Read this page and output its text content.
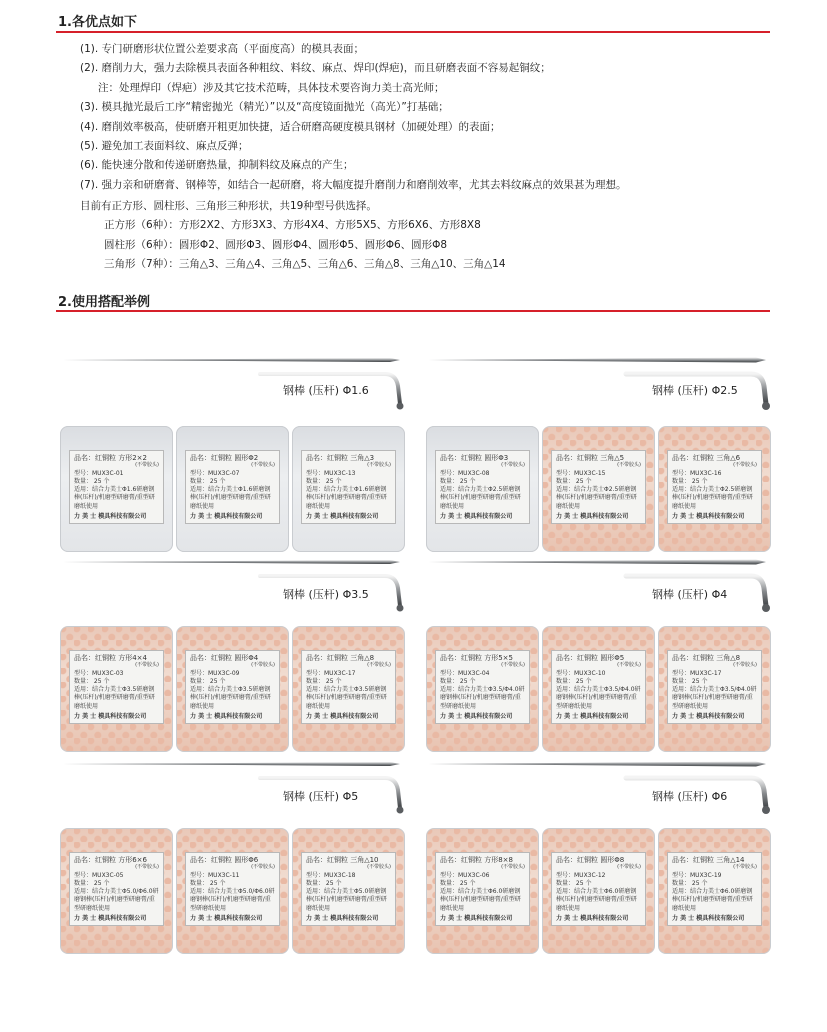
1.各优点如下
(1). 专门研磨形状位置公差要求高（平面度高）的模具表面；
(2). 磨削力大，强力去除模具表面各种粗纹、料纹、麻点、焊印(焊疤)，而且研磨表面不容易起铜纹；
注：处理焊印（焊疤）涉及其它技术范畴，具体技术要咨询力美士高光师；
(3). 模具抛光最后工序“精密抛光（精光）”以及“高度镜面抛光（高光）”打基础；
(4). 磨削效率极高，使研磨开粗更加快捷，适合研磨高硬度模具钢材（加硬处理）的表面；
(5). 避免加工表面料纹、麻点反弹；
(6). 能快速分散和传递研磨热量，抑制料纹及麻点的产生；
(7). 强力亲和研磨膏、钢棒等，如结合一起研磨，将大幅度提升磨削力和磨削效率，尤其去料纹麻点的效果甚为理想。
目前有正方形、圆柱形、三角形三种形状，共19种型号供选择。
正方形（6种）：方形2X2、方形3X3、方形4X4、方形5X5、方形6X6、方形8X8
圆柱形（6种）：圆形Φ2、圆形Φ3、圆形Φ4、圆形Φ5、圆形Φ6、圆形Φ8
三角形（7种）：三角△3、三角△4、三角△5、三角△6、三角△8、三角△10、三角△14
2.使用搭配举例
钢棒 (压杆) Φ1.6
品名：红铜粒 方形2×2
(不带胶头)
型号：MUX3C-01
数量： 25 个
适用：结合力美士Φ1.6研磨钢棒(压杆)/机磨型研磨膏/重型研磨纸使用
力 美 士 模具科技有限公司
品名：红铜粒 圆形Φ2
(不带胶头)
型号：MUX3C-07
数量： 25 个
适用：结合力美士Φ1.6研磨钢棒(压杆)/机磨型研磨膏/重型研磨纸使用
力 美 士 模具科技有限公司
品名：红铜粒 三角△3
(不带胶头)
型号：MUX3C-13
数量： 25 个
适用：结合力美士Φ1.6研磨钢棒(压杆)/机磨型研磨膏/重型研磨纸使用
力 美 士 模具科技有限公司
钢棒 (压杆) Φ2.5
品名：红铜粒 圆形Φ3
(不带胶头)
型号：MUX3C-08
数量： 25 个
适用：结合力美士Φ2.5研磨钢棒(压杆)/机磨型研磨膏/重型研磨纸使用
力 美 士 模具科技有限公司
品名：红铜粒 三角△5
(不带胶头)
型号：MUX3C-15
数量： 25 个
适用：结合力美士Φ2.5研磨钢棒(压杆)/机磨型研磨膏/重型研磨纸使用
力 美 士 模具科技有限公司
品名：红铜粒 三角△6
(不带胶头)
型号：MUX3C-16
数量： 25 个
适用：结合力美士Φ2.5研磨钢棒(压杆)/机磨型研磨膏/重型研磨纸使用
力 美 士 模具科技有限公司
钢棒 (压杆) Φ3.5
品名：红铜粒 方形4×4
(不带胶头)
型号：MUX3C-03
数量： 25 个
适用：结合力美士Φ3.5研磨钢棒(压杆)/机磨型研磨膏/重型研磨纸使用
力 美 士 模具科技有限公司
品名：红铜粒 圆形Φ4
(不带胶头)
型号：MUX3C-09
数量： 25 个
适用：结合力美士Φ3.5研磨钢棒(压杆)/机磨型研磨膏/重型研磨纸使用
力 美 士 模具科技有限公司
品名：红铜粒 三角△8
(不带胶头)
型号：MUX3C-17
数量： 25 个
适用：结合力美士Φ3.5研磨钢棒(压杆)/机磨型研磨膏/重型研磨纸使用
力 美 士 模具科技有限公司
钢棒 (压杆) Φ4
品名：红铜粒 方形5×5
(不带胶头)
型号：MUX3C-04
数量： 25 个
适用：结合力美士Φ3.5/Φ4.0研磨钢棒(压杆)/机磨型研磨膏/重型研磨纸使用
力 美 士 模具科技有限公司
品名：红铜粒 圆形Φ5
(不带胶头)
型号：MUX3C-10
数量： 25 个
适用：结合力美士Φ3.5/Φ4.0研磨钢棒(压杆)/机磨型研磨膏/重型研磨纸使用
力 美 士 模具科技有限公司
品名：红铜粒 三角△8
(不带胶头)
型号：MUX3C-17
数量： 25 个
适用：结合力美士Φ3.5/Φ4.0研磨钢棒(压杆)/机磨型研磨膏/重型研磨纸使用
力 美 士 模具科技有限公司
钢棒 (压杆) Φ5
品名：红铜粒 方形6×6
(不带胶头)
型号：MUX3C-05
数量： 25 个
适用：结合力美士Φ5.0/Φ6.0研磨钢棒(压杆)/机磨型研磨膏/重型研磨纸使用
力 美 士 模具科技有限公司
品名：红铜粒 圆形Φ6
(不带胶头)
型号：MUX3C-11
数量： 25 个
适用：结合力美士Φ5.0/Φ6.0研磨钢棒(压杆)/机磨型研磨膏/重型研磨纸使用
力 美 士 模具科技有限公司
品名：红铜粒 三角△10
(不带胶头)
型号：MUX3C-18
数量： 25 个
适用：结合力美士Φ5.0研磨钢棒(压杆)/机磨型研磨膏/重型研磨纸使用
力 美 士 模具科技有限公司
钢棒 (压杆) Φ6
品名：红铜粒 方形8×8
(不带胶头)
型号：MUX3C-06
数量： 25 个
适用：结合力美士Φ6.0研磨钢棒(压杆)/机磨型研磨膏/重型研磨纸使用
力 美 士 模具科技有限公司
品名：红铜粒 圆形Φ8
(不带胶头)
型号：MUX3C-12
数量： 25 个
适用：结合力美士Φ6.0研磨钢棒(压杆)/机磨型研磨膏/重型研磨纸使用
力 美 士 模具科技有限公司
品名：红铜粒 三角△14
(不带胶头)
型号：MUX3C-19
数量： 25 个
适用：结合力美士Φ6.0研磨钢棒(压杆)/机磨型研磨膏/重型研磨纸使用
力 美 士 模具科技有限公司
